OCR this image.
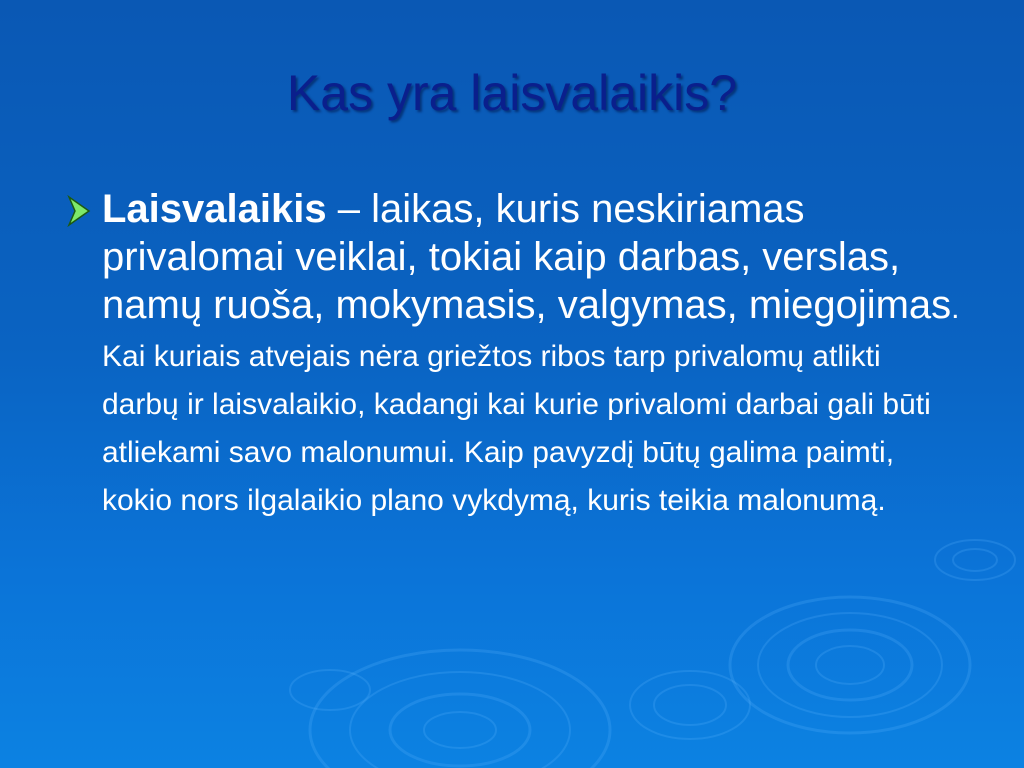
Kas yra laisvalaikis?
Laisvalaikis – laikas, kuris neskiriamas privalomai veiklai, tokiai kaip darbas, verslas, namų ruoša, mokymasis, valgymas, miegojimas.
Kai kuriais atvejais nėra griežtos ribos tarp privalomų atlikti darbų ir laisvalaikio, kadangi kai kurie privalomi darbai gali būti atliekami savo malonumui. Kaip pavyzdį būtų galima paimti, kokio nors ilgalaikio plano vykdymą, kuris teikia malonumą.
